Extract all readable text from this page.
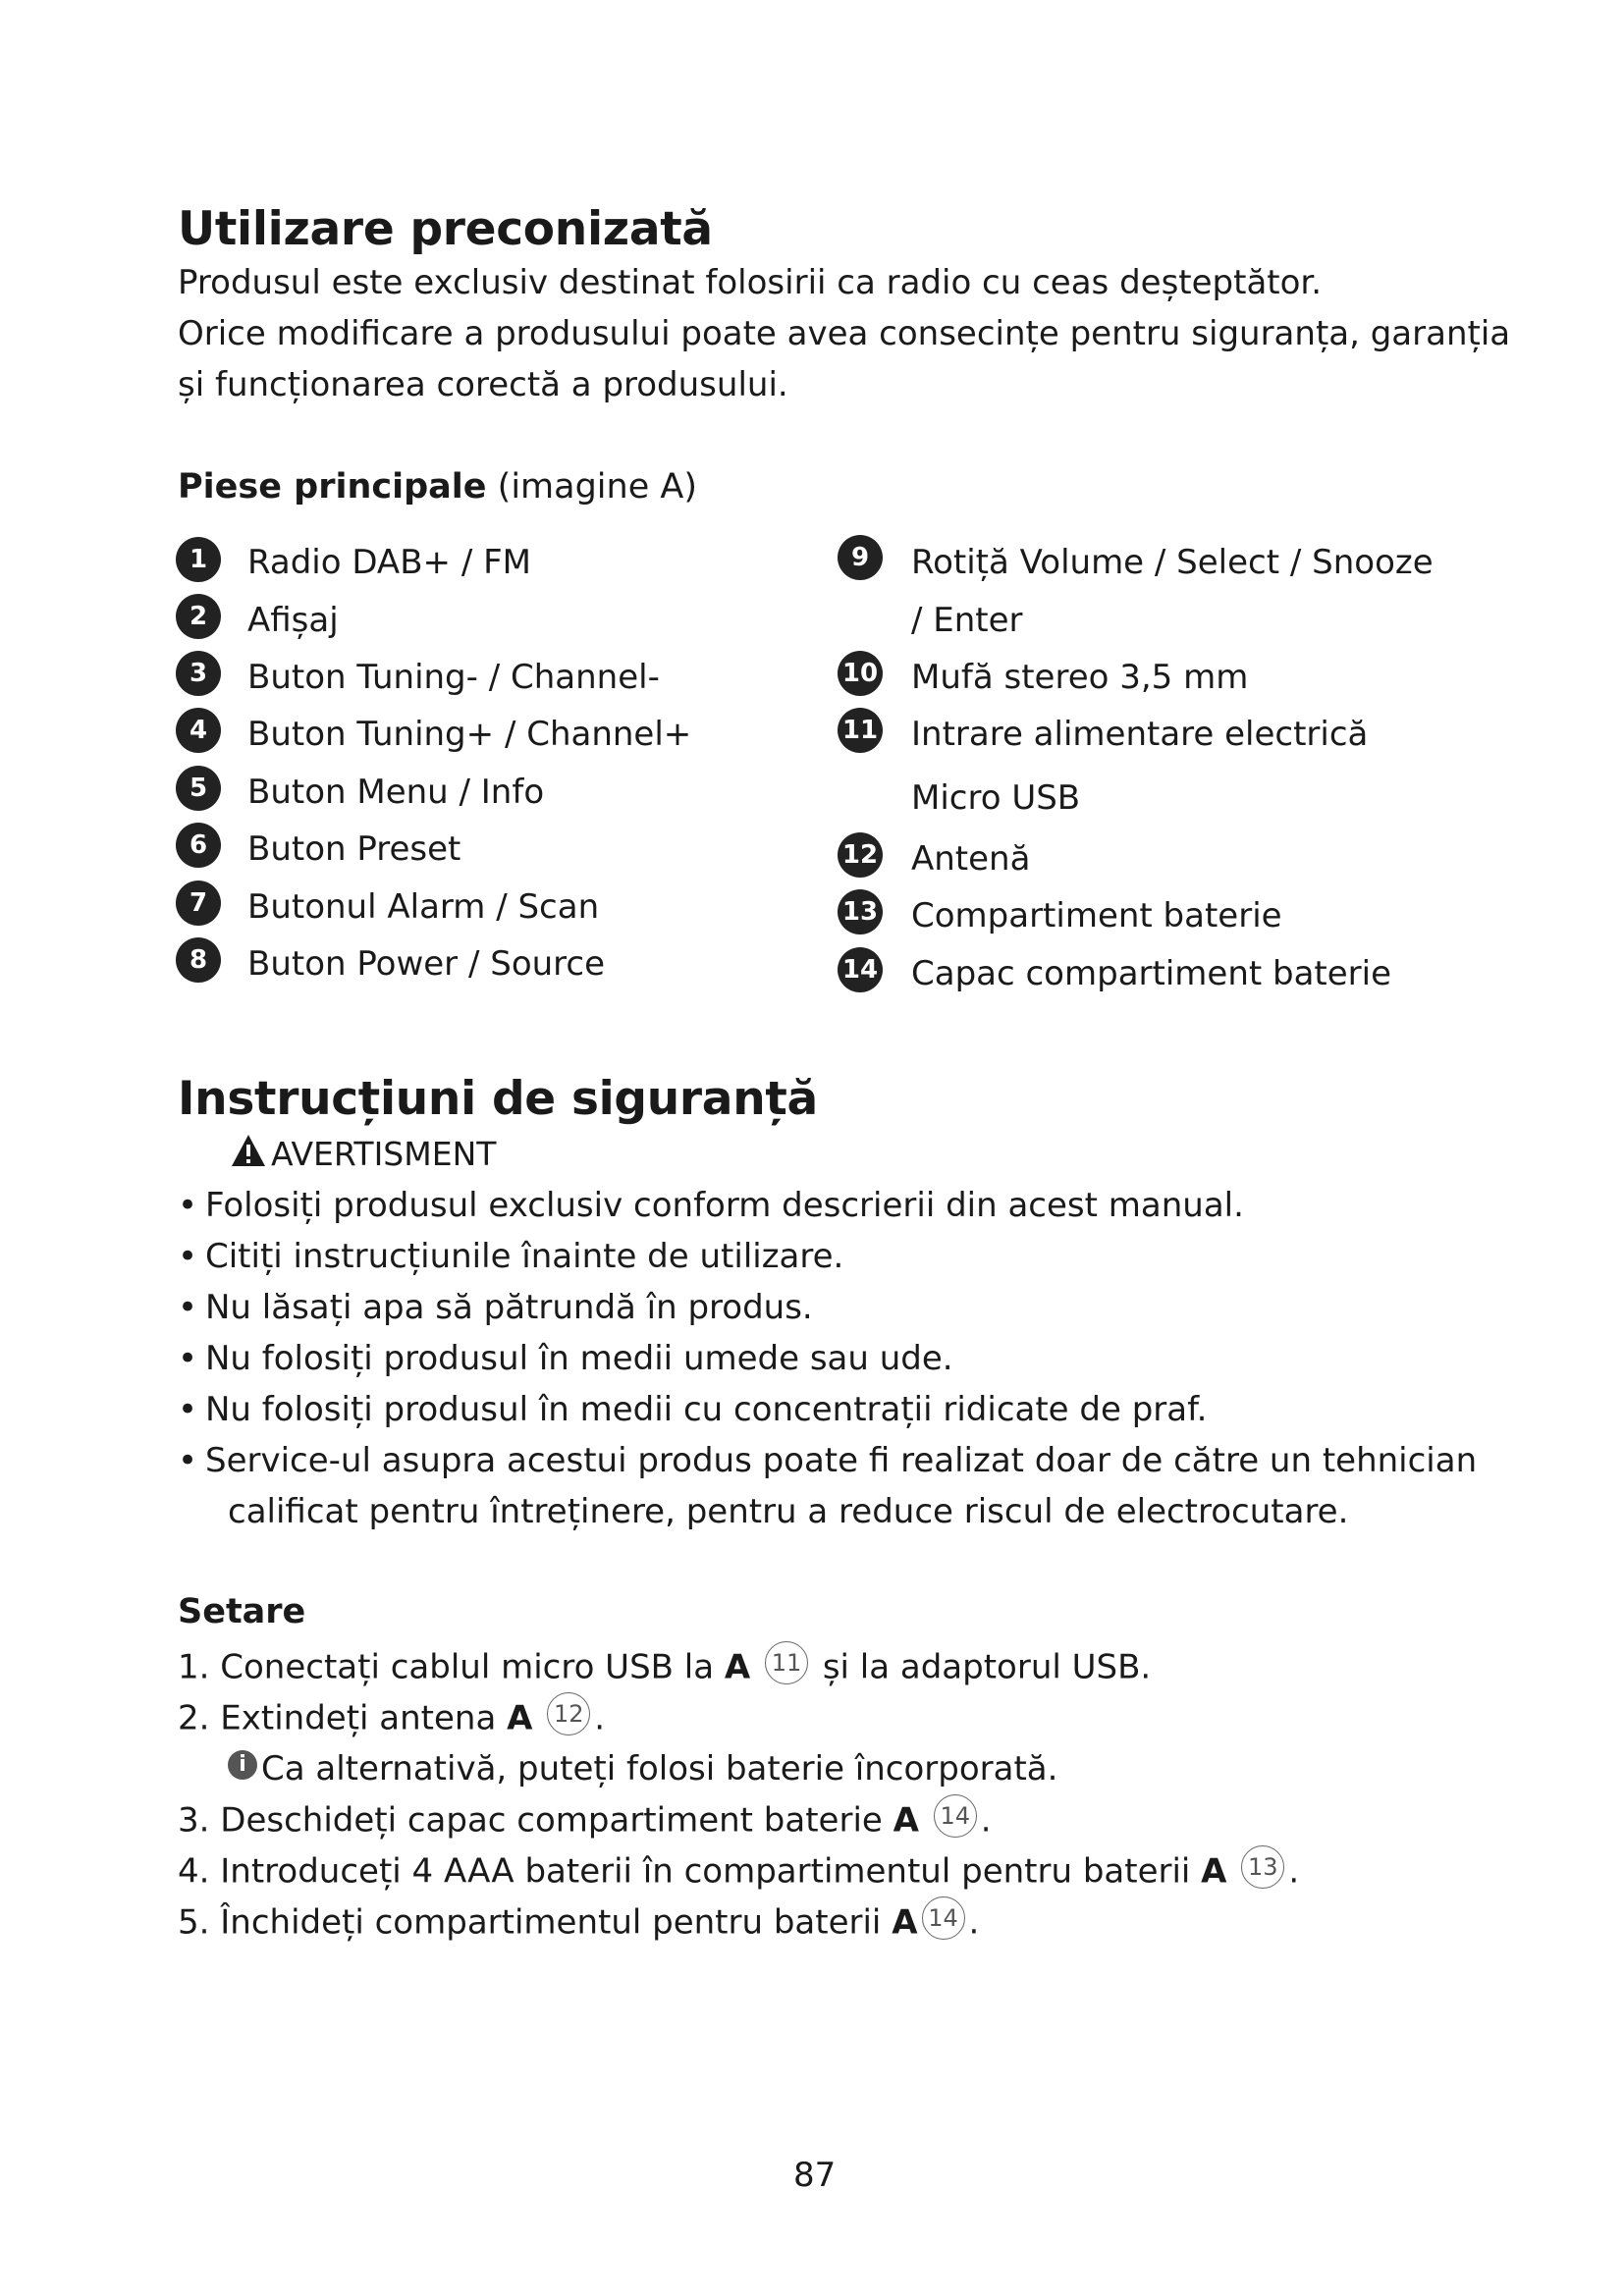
Utilizare preconizată
Produsul este exclusiv destinat folosirii ca radio cu ceas deșteptător.
Orice modificare a produsului poate avea consecințe pentru siguranța, garanția
și funcționarea corectă a produsului.
Piese principale (imagine A)
1	Radio DAB+ / FM
2	Afișaj
3	Buton Tuning- / Channel-
4	Buton Tuning+ / Channel+
5	Buton Menu / Info
6	Buton Preset
7	Butonul Alarm / Scan
8	Buton Power / Source
9	Rotiță Volume / Select / Snooze
/ Enter
10 Mufă stereo 3,5 mm
11 Intrare alimentare electrică
Micro USB
12 Antenă
13 Compartiment baterie
14 Capac compartiment baterie
Instrucțiuni de siguranță
AVERTISMENT
• Folosiți produsul exclusiv conform descrierii din acest manual.
• Citiți instrucțiunile înainte de utilizare.
• Nu lăsați apa să pătrundă în produs.
• Nu folosiți produsul în medii umede sau ude.
• Nu folosiți produsul în medii cu concentrații ridicate de praf.
• Service-ul asupra acestui produs poate fi realizat doar de către un tehnician
calificat pentru întreținere, pentru a reduce riscul de electrocutare.
Setare
1. Conectați cablul micro USB la A 11 și la adaptorul USB.
2. Extindeți antena A 12 .
i Ca alternativă, puteți folosi baterie încorporată.
3. Deschideți capac compartiment baterie A 14 .
4. Introduceți 4 AAA baterii în compartimentul pentru baterii A 13 .
5. Închideți compartimentul pentru baterii A 14 .
87
